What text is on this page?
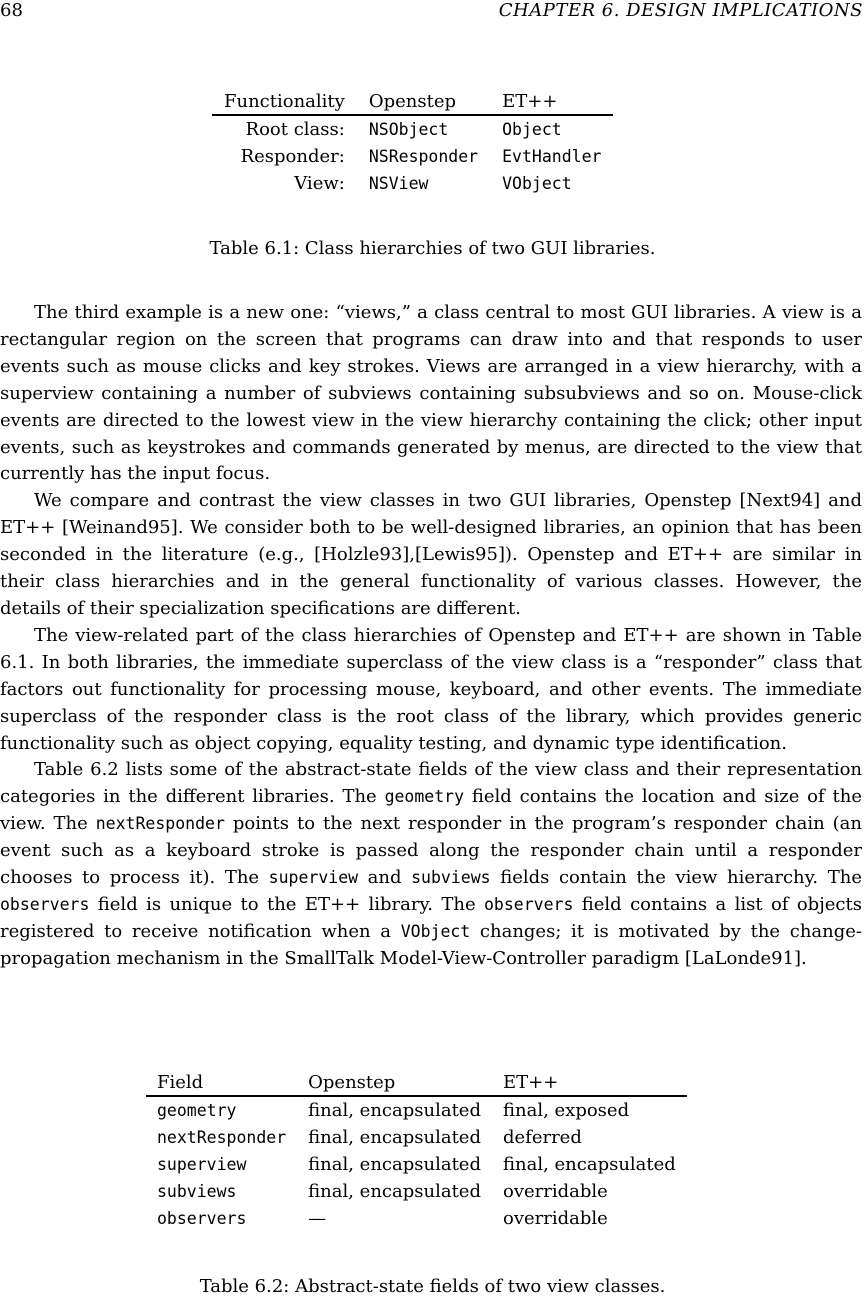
68	CHAPTER 6. DESIGN IMPLICATIONS
Functionality	Openstep	ET++
Root class:	NSObject	Object
Responder:	NSResponder	EvtHandler
View:	NSView	VObject
Table 6.1: Class hierarchies of two GUI libraries.

The third example is a new one: “views,” a class central to most GUI libraries. A view is a rectangular region on the screen that programs can draw into and that responds to user events such as mouse clicks and key strokes. Views are arranged in a view hierarchy, with a superview containing a number of subviews containing subsubviews and so on. Mouse-click events are directed to the lowest view in the view hierarchy containing the click; other input events, such as keystrokes and commands generated by menus, are directed to the view that currently has the input focus.

We compare and contrast the view classes in two GUI libraries, Openstep [Next94] and ET++ [Weinand95]. We consider both to be well-designed libraries, an opinion that has been seconded in the literature (e.g., [Holzle93],[Lewis95]). Openstep and ET++ are similar in their class hierarchies and in the general functionality of various classes. However, the details of their specialization specifications are different.

The view-related part of the class hierarchies of Openstep and ET++ are shown in Table 6.1. In both libraries, the immediate superclass of the view class is a “responder” class that factors out functionality for processing mouse, keyboard, and other events. The immediate superclass of the responder class is the root class of the library, which provides generic functionality such as object copying, equality testing, and dynamic type identification.

Table 6.2 lists some of the abstract-state fields of the view class and their representation categories in the different libraries. The geometry field contains the location and size of the view. The nextResponder points to the next responder in the program’s responder chain (an event such as a keyboard stroke is passed along the responder chain until a responder chooses to process it). The superview and subviews fields contain the view hierarchy. The observers field is unique to the ET++ library. The observers field contains a list of objects registered to receive notification when a VObject changes; it is motivated by the change-propagation mechanism in the SmallTalk Model-View-Controller paradigm [LaLonde91].

Field	Openstep	ET++
geometry	final, encapsulated	final, exposed
nextResponder	final, encapsulated	deferred
superview	final, encapsulated	final, encapsulated
subviews	final, encapsulated	overridable
observers	—	overridable
Table 6.2: Abstract-state fields of two view classes.
